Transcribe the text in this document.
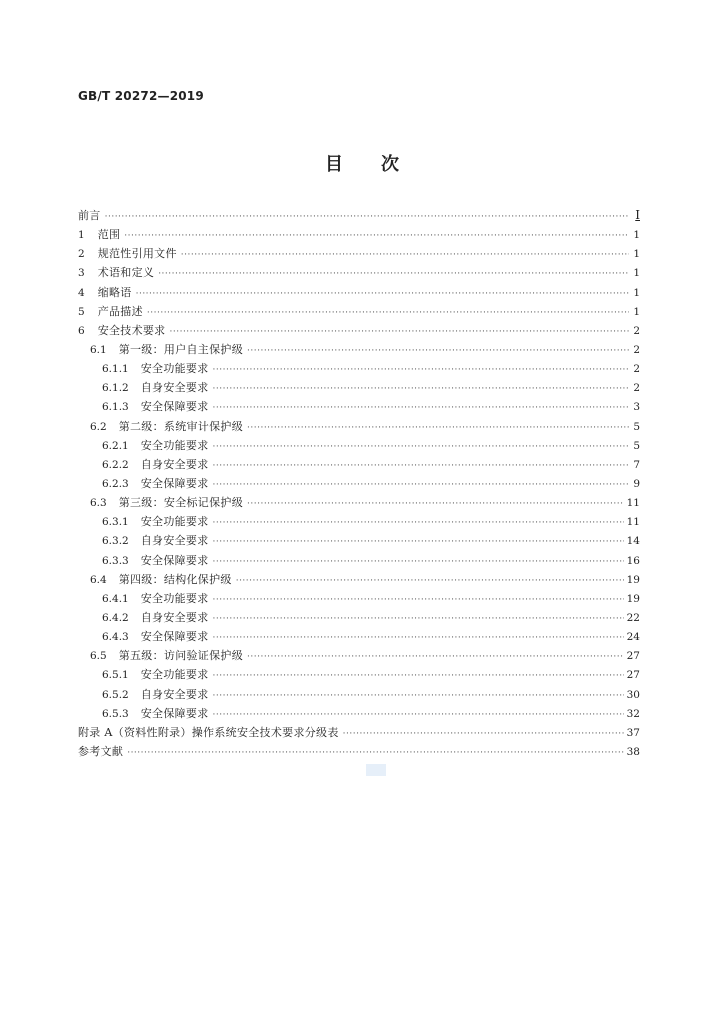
GB/T 20272—2019
目 次
前言 ·····	Ⅰ
1 范围 ·····	1
2 规范性引用文件 ·····	1
3 术语和定义 ·····	1
4 缩略语 ·····	1
5 产品描述 ·····	1
6 安全技术要求 ·····	2
6.1 第一级：用户自主保护级 ·····	2
6.1.1 安全功能要求 ·····	2
6.1.2 自身安全要求 ·····	2
6.1.3 安全保障要求 ·····	3
6.2 第二级：系统审计保护级 ·····	5
6.2.1 安全功能要求 ·····	5
6.2.2 自身安全要求 ·····	7
6.2.3 安全保障要求 ·····	9
6.3 第三级：安全标记保护级 ·····	11
6.3.1 安全功能要求 ·····	11
6.3.2 自身安全要求 ·····	14
6.3.3 安全保障要求 ·····	16
6.4 第四级：结构化保护级 ·····	19
6.4.1 安全功能要求 ·····	19
6.4.2 自身安全要求 ·····	22
6.4.3 安全保障要求 ·····	24
6.5 第五级：访问验证保护级 ·····	27
6.5.1 安全功能要求 ·····	27
6.5.2 自身安全要求 ·····	30
6.5.3 安全保障要求 ·····	32
附录 A（资料性附录）操作系统安全技术要求分级表 ·····	37
参考文献 ·····	38
